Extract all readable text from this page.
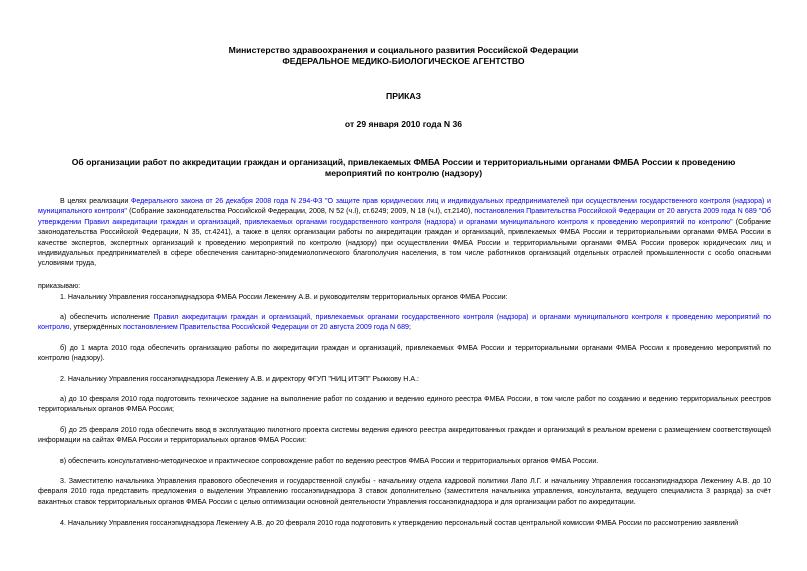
Министерство здравоохранения и социального развития Российской Федерации
ФЕДЕРАЛЬНОЕ МЕДИКО-БИОЛОГИЧЕСКОЕ АГЕНТСТВО
ПРИКАЗ
от 29 января 2010 года N 36
Об организации работ по аккредитации граждан и организаций, привлекаемых ФМБА России и территориальными органами ФМБА России к проведению
мероприятий по контролю (надзору)
В целях реализации Федерального закона от 26 декабря 2008 года N 294-ФЗ "О защите прав юридических лиц и индивидуальных предпринимателей при осуществлении государственного контроля (надзора) и муниципального контроля" (Собрание законодательства Российской Федерации, 2008, N 52 (ч.I), ст.6249; 2009, N 18 (ч.I), ст.2140), постановления Правительства Российской Федерации от 20 августа 2009 года N 689 "Об утверждении Правил аккредитации граждан и организаций, привлекаемых органами государственного контроля (надзора) и органами муниципального контроля к проведению мероприятий по контролю" (Собрание законодательства Российской Федерации, N 35, ст.4241), а также в целях организации работы по аккредитации граждан и организаций, привлекаемых ФМБА России и территориальными органами ФМБА России в качестве экспертов, экспертных организаций к проведению мероприятий по контролю (надзору) при осуществлении ФМБА России и территориальными органами ФМБА России проверок юридических лиц и индивидуальных предпринимателей в сфере обеспечения санитарно-эпидемиологического благополучия населения, в том числе работников организаций отдельных отраслей промышленности с особо опасными условиями труда,
приказываю:
1. Начальнику Управления госсанэпиднадзора ФМБА России Леженину А.В. и руководителям территориальных органов ФМБА России:
а) обеспечить исполнение Правил аккредитации граждан и организаций, привлекаемых органами государственного контроля (надзора) и органами муниципального контроля к проведению мероприятий по контролю, утверждённых постановлением Правительства Российской Федерации от 20 августа 2009 года N 689;
б) до 1 марта 2010 года обеспечить организацию работы по аккредитации граждан и организаций, привлекаемых ФМБА России и территориальными органами ФМБА России к проведению мероприятий по контролю (надзору).
2. Начальнику Управления госсанэпиднадзора Леженину А.В. и директору ФГУП "НИЦ ИТЭП" Рыжкову Н.А.:
а) до 10 февраля 2010 года подготовить техническое задание на выполнение работ по созданию и ведению единого реестра ФМБА России, в том числе работ по созданию и ведению территориальных реестров территориальных органов ФМБА России;
б) до 25 февраля 2010 года обеспечить ввод в эксплуатацию пилотного проекта системы ведения единого реестра аккредитованных граждан и организаций в реальном времени с размещением соответствующей информации на сайтах ФМБА России и территориальных органов ФМБА России:
в) обеспечить консультативно-методическое и практическое сопровождение работ по ведению реестров ФМБА России и территориальных органов ФМБА России.
3. Заместителю начальника Управления правового обеспечения и государственной службы - начальнику отдела кадровой политики Лапо Л.Г. и начальнику Управления госсанэпиднадзора Леженину А.В. до 10 февраля 2010 года представить предложения о выделении Управлению госсанэпиднадзора 3 ставок дополнительно (заместителя начальника управления, консультанта, ведущего специалиста 3 разряда) за счёт вакантных ставок территориальных органов ФМБА России с целью оптимизации основной деятельности Управления госсанэпиднадзора и для организации работ по аккредитации.
4. Начальнику Управления госсанэпиднадзора Леженину А.В. до 20 февраля 2010 года подготовить к утверждению персональный состав центральной комиссии ФМБА России по рассмотрению заявлений
